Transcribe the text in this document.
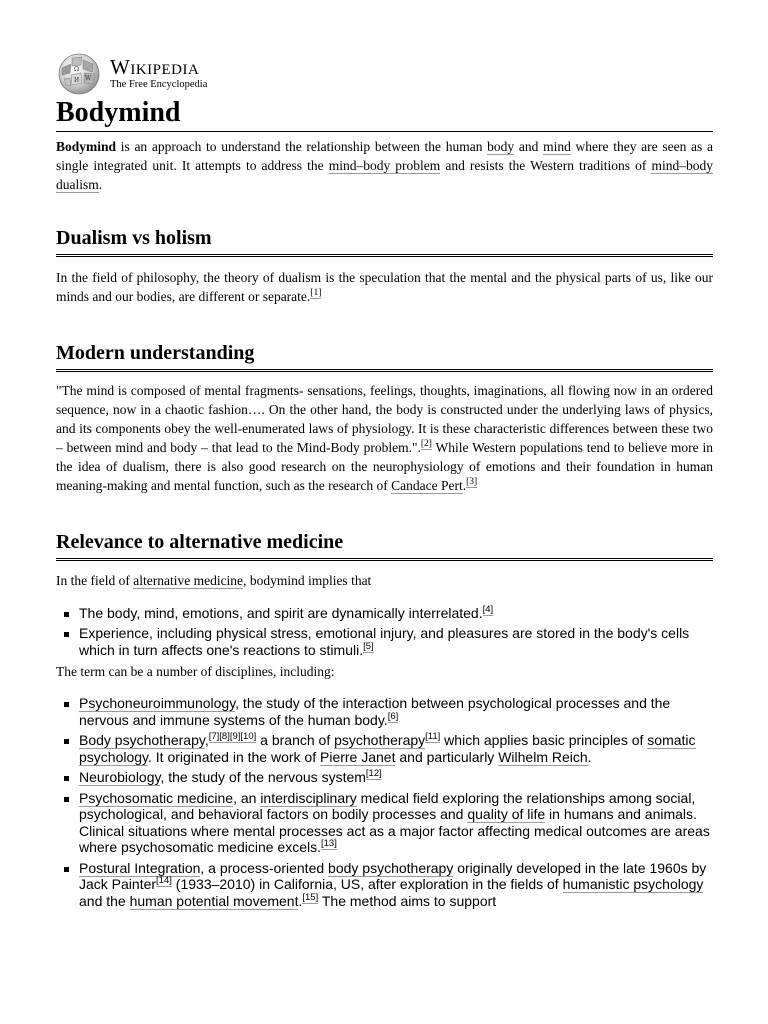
Ω
W
И
Wikipedia
The Free Encyclopedia
Bodymind

Bodymind is an approach to understand the relationship between the human body and mind where they are seen as a single integrated unit. It attempts to address the mind–body problem and resists the Western traditions of mind–body dualism.

Dualism vs holism

In the field of philosophy, the theory of dualism is the speculation that the mental and the physical parts of us, like our minds and our bodies, are different or separate.[1]

Modern understanding

"The mind is composed of mental fragments- sensations, feelings, thoughts, imaginations, all flowing now in an ordered sequence, now in a chaotic fashion…. On the other hand, the body is constructed under the underlying laws of physics, and its components obey the well-enumerated laws of physiology. It is these characteristic differences between these two – between mind and body – that lead to the Mind-Body problem.".[2] While Western populations tend to believe more in the idea of dualism, there is also good research on the neurophysiology of emotions and their foundation in human meaning-making and mental function, such as the research of Candace Pert.[3]

Relevance to alternative medicine

In the field of alternative medicine, bodymind implies that

The body, mind, emotions, and spirit are dynamically interrelated.[4]
Experience, including physical stress, emotional injury, and pleasures are stored in the body's cells which in turn affects one's reactions to stimuli.[5]

The term can be a number of disciplines, including:

Psychoneuroimmunology, the study of the interaction between psychological processes and the nervous and immune systems of the human body.[6]
Body psychotherapy,[7][8][9][10] a branch of psychotherapy[11] which applies basic principles of somatic psychology. It originated in the work of Pierre Janet and particularly Wilhelm Reich.
Neurobiology, the study of the nervous system[12]
Psychosomatic medicine, an interdisciplinary medical field exploring the relationships among social, psychological, and behavioral factors on bodily processes and quality of life in humans and animals. Clinical situations where mental processes act as a major factor affecting medical outcomes are areas where psychosomatic medicine excels.[13]
Postural Integration, a process-oriented body psychotherapy originally developed in the late 1960s by Jack Painter[14] (1933–2010) in California, US, after exploration in the fields of humanistic psychology and the human potential movement.[15] The method aims to support
